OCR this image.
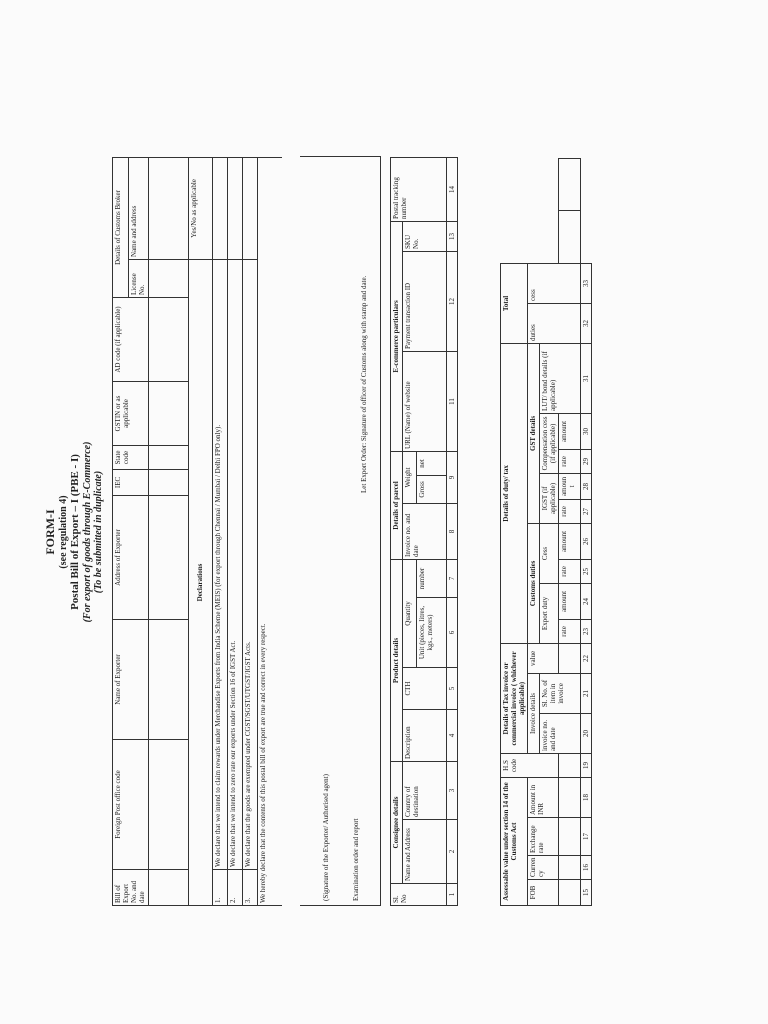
FORM-I (see regulation 4) Postal Bill of Export – I (PBE - I) (For export of goods through E-Commerce) (To be submitted in duplicate)
Bill of Export No. and date	Foreign Post office code	Name of Exporter	Address of Exporter	IEC	State code	GSTIN or as applicable	AD code (if applicable)	Details of Customs Broker	
								License No.	Name and address

Declarations									Yes/No as applicable
1.	We declare that we intend to claim rewards under Merchandise Exports from India Scheme (MEIS) (for export through Chennai / Mumbai / Delhi FPO only).								
2.	We declare that we intend to zero rate our exports under Section 16 of IGST Act.								
3.	We declare that the goods are exempted under CGST/SGST/UTGST/IGST Acts.								
We hereby declare that the contents of this postal bill of export are true and correct in every respect.										(Signature of the Exporter/ Authorised agent)	Examination order and report
Let Export Order: Signature of officer of Customs along with stamp and date.
Sl. No	Consignee details		Product details				Details of parcel			E-commerce particulars			Postal tracking number
	Name and Address	Country of destination	Description	CTH	Quantity		Invoice no. and date	Weight		URL (Name) of website	Payment transaction ID	SKU No.	
					Unit (pieces, litres, kgs., meters)	number		Gross	net				
1	2	3	4	5	6	7	8	9		11	12	13	14
Assessable value under section 14 of the Customs Act				H.S code	Details of Tax invoice or commercial invoice ( whichever applicable)			Details of duty/ tax									Total			
FOB	Curren cy	Exchange rate	Amount in INR		Invoice details		value	Customs duties				GST details					duties	cess		
					invoice no. and date	Sl. No. of item in invoice		Export duty		Cess		IGST (if applicable)		Compensation cess (if applicable)		LUT/ bond details (if applicable)				
								rate	amount	rate	amount	rate	amoun t	rate	amount					
15	16	17	18	19	20	21	22	23	24	25	26	27	28	29	30	31	32	33		
